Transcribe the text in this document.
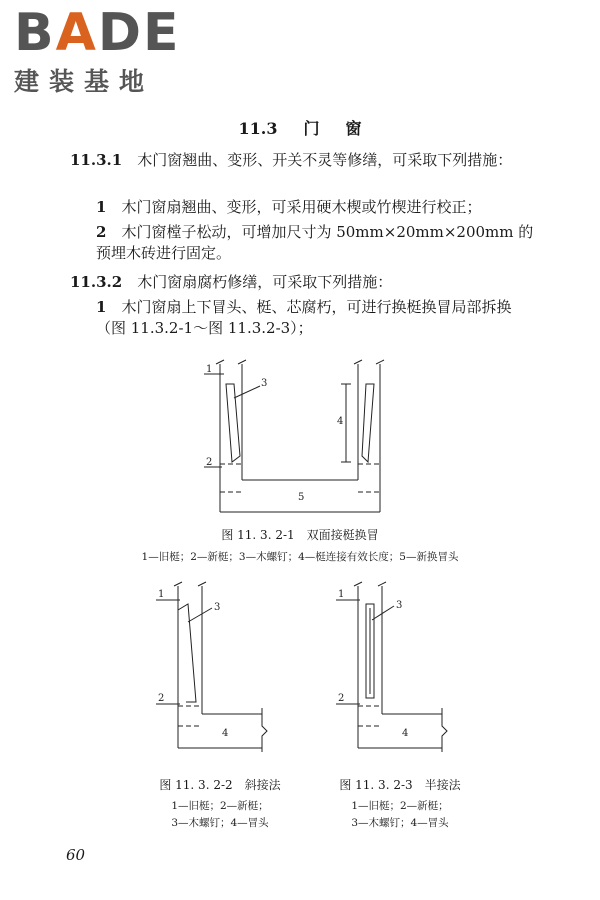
BADE
建装基地
11.3 门 窗
11.3.1　 木门窗翘曲、变形、开关不灵等修缮，可采取下列措施：
1　 木门窗扇翘曲、变形，可采用硬木楔或竹楔进行校正；
2　 木门窗樘子松动，可增加尺寸为 50mm×20mm×200mm 的预埋木砖进行固定。
11.3.2　 木门窗扇腐朽修缮，可采取下列措施：
1　 木门窗扇上下冒头、梃、芯腐朽，可进行换梃换冒局部拆换（图 11.3.2-1～图 11.3.2-3）；
1
2
3
4
5
图 11. 3. 2-1　双面接梃换冒
1—旧梃；2—新梃；3—木螺钉；4—梃连接有效长度；5—新换冒头
1
2
3
4
图 11. 3. 2-2　斜接法
1—旧梃；2—新梃；
3—木螺钉；4—冒头
1
2
3
4
图 11. 3. 2-3　半接法
1—旧梃；2—新梃；
3—木螺钉；4—冒头
60
